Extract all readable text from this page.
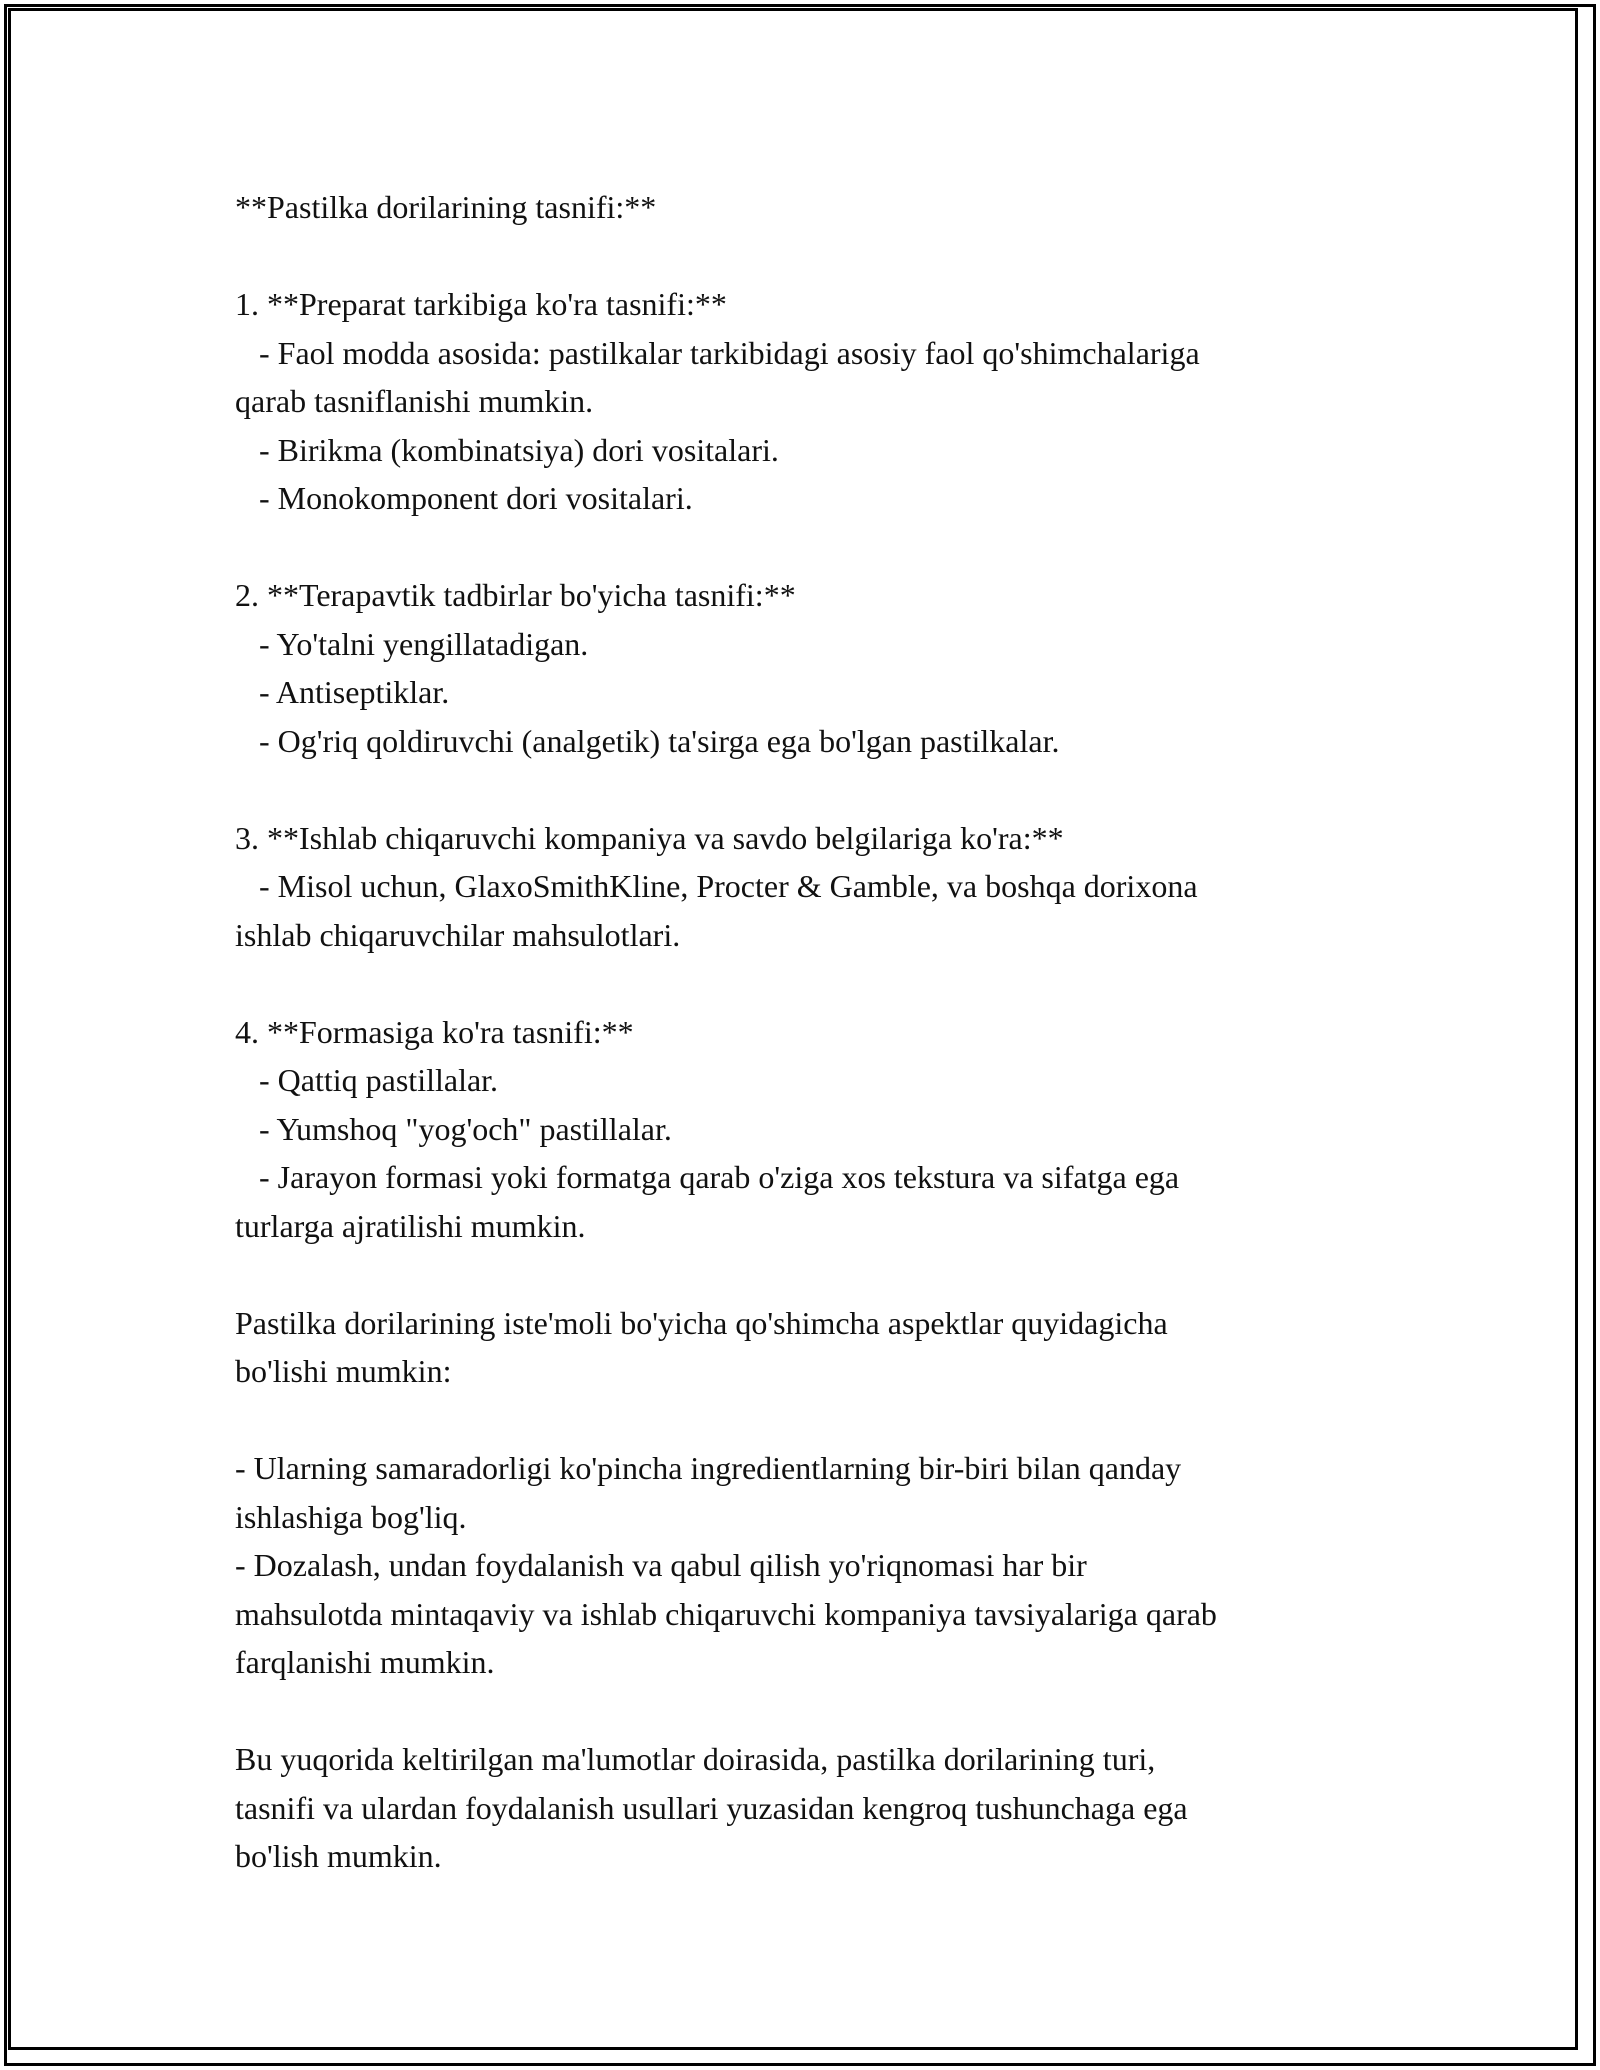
**Pastilka dorilarining tasnifi:**
1. **Preparat tarkibiga ko'ra tasnifi:**
- Faol modda asosida: pastilkalar tarkibidagi asosiy faol qo'shimchalariga
qarab tasniflanishi mumkin.
- Birikma (kombinatsiya) dori vositalari.
- Monokomponent dori vositalari.
2. **Terapavtik tadbirlar bo'yicha tasnifi:**
- Yo'talni yengillatadigan.
- Antiseptiklar.
- Og'riq qoldiruvchi (analgetik) ta'sirga ega bo'lgan pastilkalar.
3. **Ishlab chiqaruvchi kompaniya va savdo belgilariga ko'ra:**
- Misol uchun, GlaxoSmithKline, Procter & Gamble, va boshqa dorixona
ishlab chiqaruvchilar mahsulotlari.
4. **Formasiga ko'ra tasnifi:**
- Qattiq pastillalar.
- Yumshoq "yog'och" pastillalar.
- Jarayon formasi yoki formatga qarab o'ziga xos tekstura va sifatga ega
turlarga ajratilishi mumkin.
Pastilka dorilarining iste'moli bo'yicha qo'shimcha aspektlar quyidagicha
bo'lishi mumkin:
- Ularning samaradorligi ko'pincha ingredientlarning bir-biri bilan qanday
ishlashiga bog'liq.
- Dozalash, undan foydalanish va qabul qilish yo'riqnomasi har bir
mahsulotda mintaqaviy va ishlab chiqaruvchi kompaniya tavsiyalariga qarab
farqlanishi mumkin.
Bu yuqorida keltirilgan ma'lumotlar doirasida, pastilka dorilarining turi,
tasnifi va ulardan foydalanish usullari yuzasidan kengroq tushunchaga ega
bo'lish mumkin.
